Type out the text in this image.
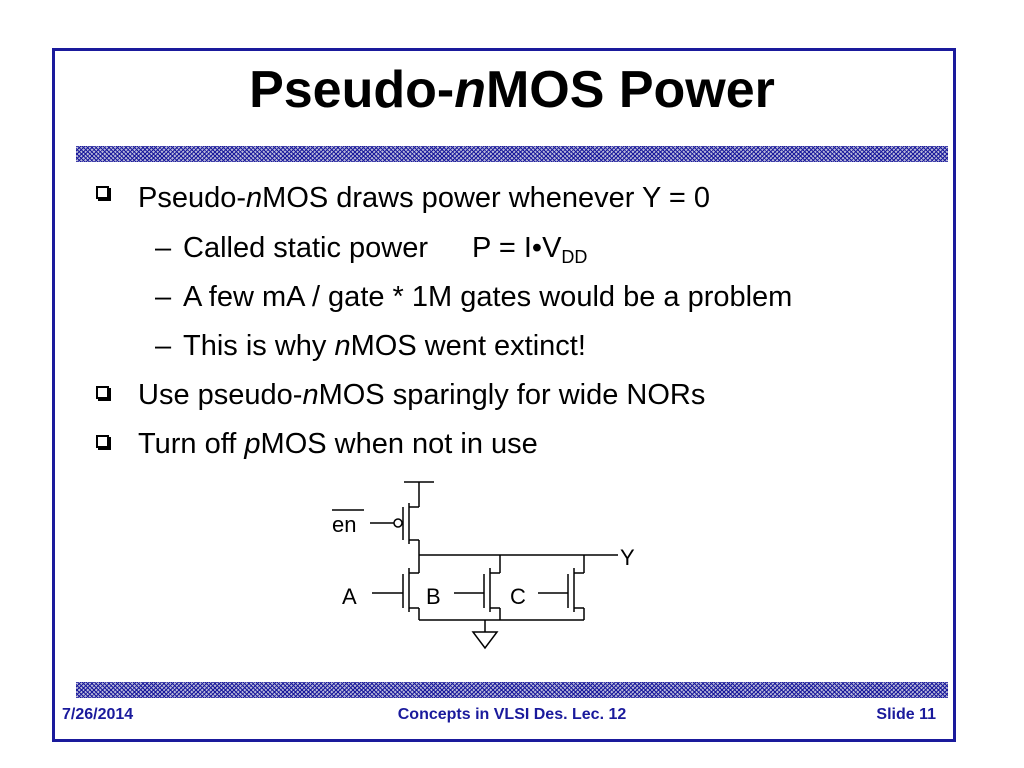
Pseudo-nMOS Power
Pseudo-nMOS draws power whenever Y = 0
– Called static power $P = I•V_{DD}$
– A few mA / gate * 1M gates would be a problem
– This is why nMOS went extinct!
Use pseudo-nMOS sparingly for wide NORs
Turn off pMOS when not in use
en
Y
A	B	C
7/26/2014	Concepts in VLSI Des. Lec. 12	Slide 11
